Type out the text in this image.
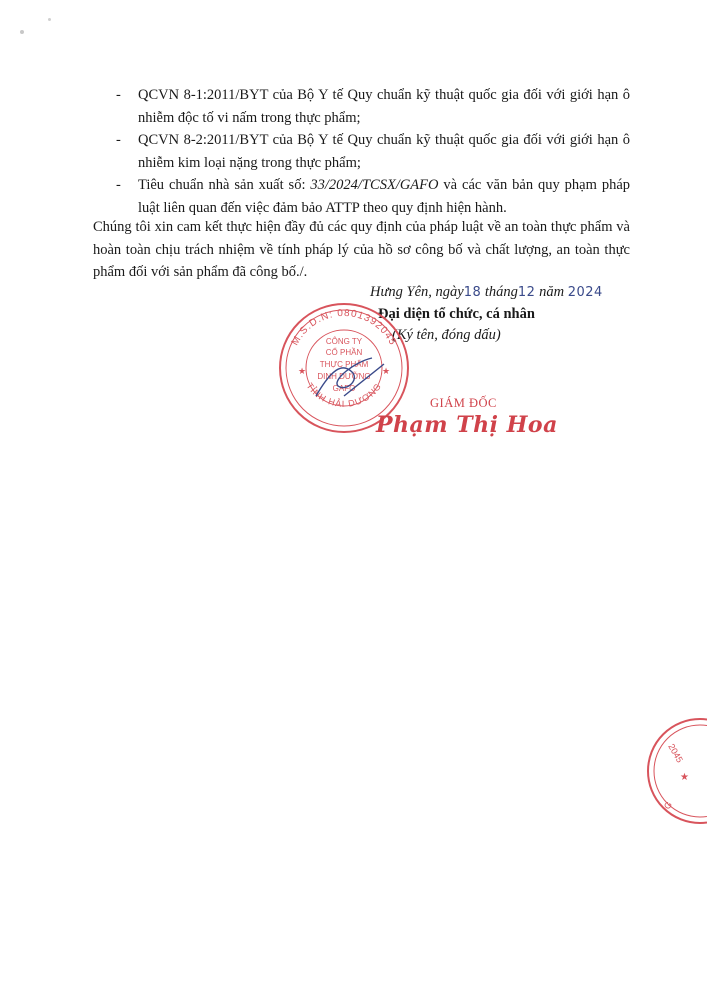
- QCVN 8-1:2011/BYT của Bộ Y tế Quy chuẩn kỹ thuật quốc gia đối với giới hạn ô nhiễm độc tố vi nấm trong thực phẩm;
- QCVN 8-2:2011/BYT của Bộ Y tế Quy chuẩn kỹ thuật quốc gia đối với giới hạn ô nhiễm kim loại nặng trong thực phẩm;
- Tiêu chuẩn nhà sản xuất số: 33/2024/TCSX/GAFO và các văn bản quy phạm pháp luật liên quan đến việc đảm bảo ATTP theo quy định hiện hành.

Chúng tôi xin cam kết thực hiện đầy đủ các quy định của pháp luật về an toàn thực phẩm và hoàn toàn chịu trách nhiệm về tính pháp lý của hồ sơ công bố và chất lượng, an toàn thực phẩm đối với sản phẩm đã công bố./.

Hưng Yên, ngày18 tháng12 năm 2024
Đại diện tổ chức, cá nhân
(Ký tên, đóng dấu)
M.S.D.N: 0801392045
TỈNH HẢI DƯƠNG
★	★
CÔNG TY
CỔ PHẦN
THỰC PHẨM
DINH DƯỠNG
GAFO
GIÁM ĐỐC
Phạm Thị Hoa
2045
★
G
